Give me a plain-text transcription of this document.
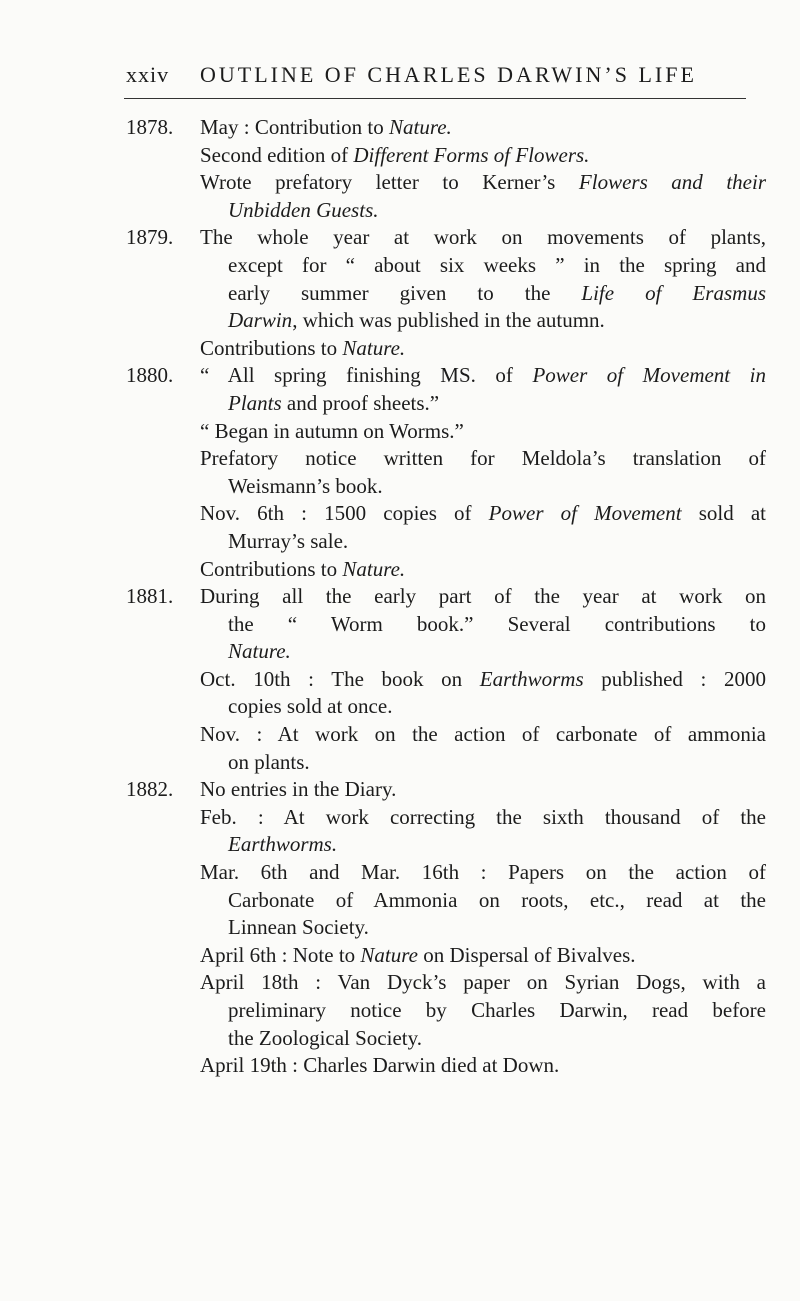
xxiv OUTLINE OF CHARLES DARWIN’S LIFE
1878. May : Contribution to Nature.
Second edition of Different Forms of Flowers.
Wrote prefatory letter to Kerner’s Flowers and their
Unbidden Guests.
1879. The whole year at work on movements of plants,
except for “ about six weeks ” in the spring and
early summer given to the Life of Erasmus
Darwin, which was published in the autumn.
Contributions to Nature.
1880. “ All spring finishing MS. of Power of Movement in
Plants and proof sheets.”
“ Began in autumn on Worms.”
Prefatory notice written for Meldola’s translation of
Weismann’s book.
Nov. 6th : 1500 copies of Power of Movement sold at
Murray’s sale.
Contributions to Nature.
1881. During all the early part of the year at work on
the “ Worm book.” Several contributions to
Nature.
Oct. 10th : The book on Earthworms published : 2000
copies sold at once.
Nov. : At work on the action of carbonate of ammonia
on plants.
1882. No entries in the Diary.
Feb. : At work correcting the sixth thousand of the
Earthworms.
Mar. 6th and Mar. 16th : Papers on the action of
Carbonate of Ammonia on roots, etc., read at the
Linnean Society.
April 6th : Note to Nature on Dispersal of Bivalves.
April 18th : Van Dyck’s paper on Syrian Dogs, with a
preliminary notice by Charles Darwin, read before
the Zoological Society.
April 19th : Charles Darwin died at Down.
